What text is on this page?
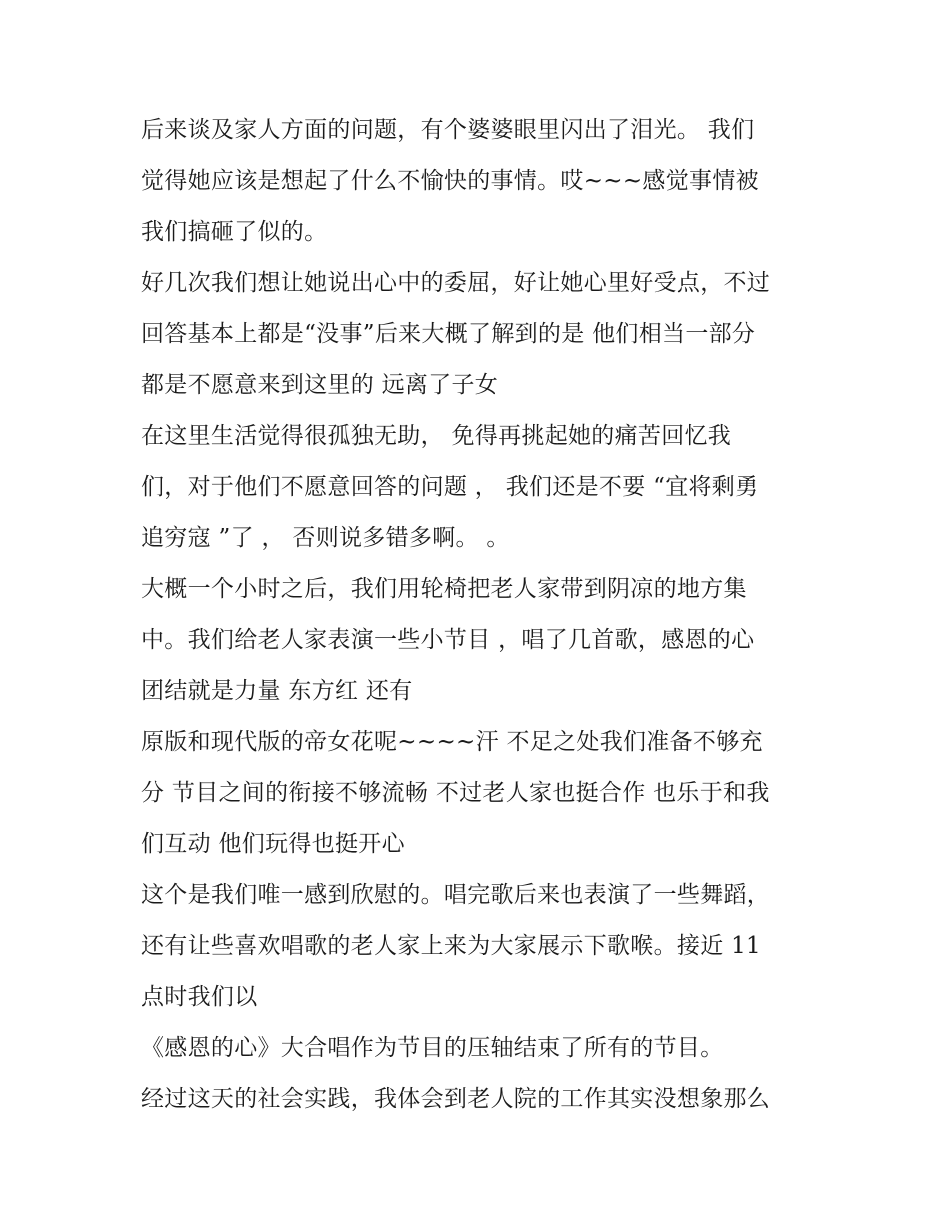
后来谈及家人方面的问题，有个婆婆眼里闪出了泪光。 我们
觉得她应该是想起了什么不愉快的事情。哎~~~感觉事情被
我们搞砸了似的。
好几次我们想让她说出心中的委屈，好让她心里好受点，不过
回答基本上都是“没事”后来大概了解到的是 他们相当一部分
都是不愿意来到这里的 远离了子女
在这里生活觉得很孤独无助， 免得再挑起她的痛苦回忆我
们，对于他们不愿意回答的问题 ， 我们还是不要 “宜将剩勇
追穷寇 ”了 ， 否则说多错多啊。 。
大概一个小时之后，我们用轮椅把老人家带到阴凉的地方集
中。我们给老人家表演一些小节目 ，唱了几首歌，感恩的心
团结就是力量 东方红 还有
原版和现代版的帝女花呢~~~~汗 不足之处我们准备不够充
分 节目之间的衔接不够流畅 不过老人家也挺合作 也乐于和我
们互动 他们玩得也挺开心
这个是我们唯一感到欣慰的。唱完歌后来也表演了一些舞蹈，
还有让些喜欢唱歌的老人家上来为大家展示下歌喉。接近 11
点时我们以
《感恩的心》大合唱作为节目的压轴结束了所有的节目。
经过这天的社会实践，我体会到老人院的工作其实没想象那么
